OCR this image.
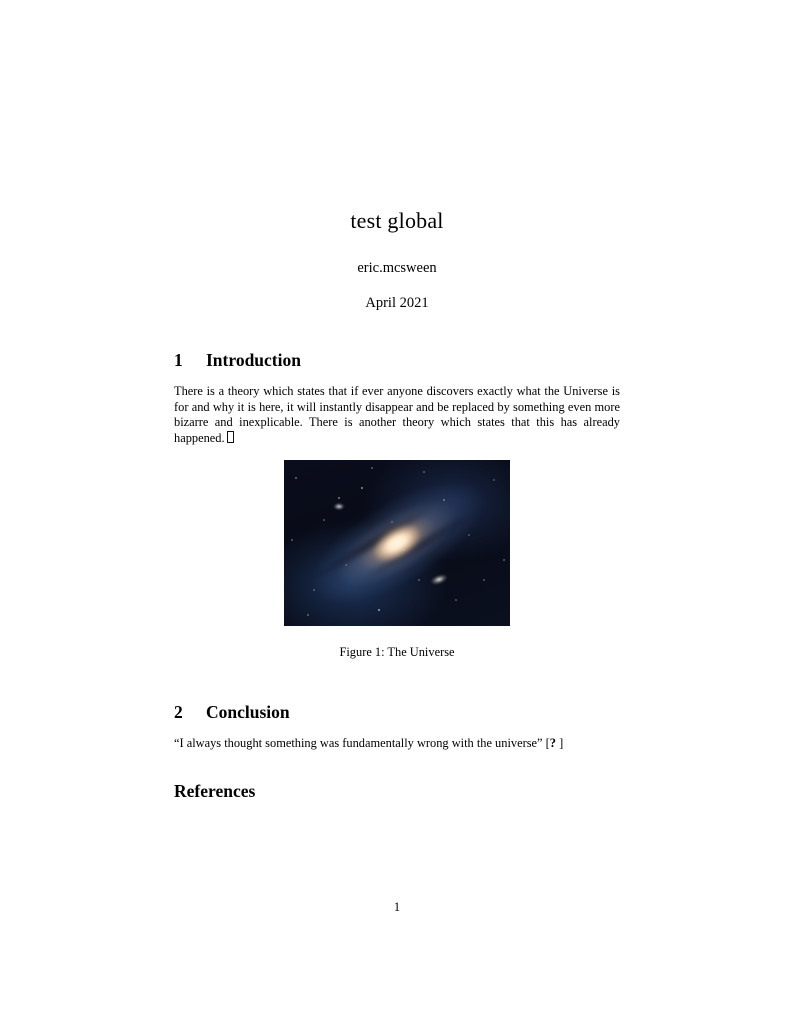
test global
eric.mcsween
April 2021
1	Introduction

There is a theory which states that if ever anyone discovers exactly what the Universe is for and why it is here, it will instantly disappear and be replaced by something even more bizarre and inexplicable. There is another theory which states that this has already happened.

Figure 1: The Universe
2	Conclusion
“I always thought something was fundamentally wrong with the universe” [? ]
References
1
